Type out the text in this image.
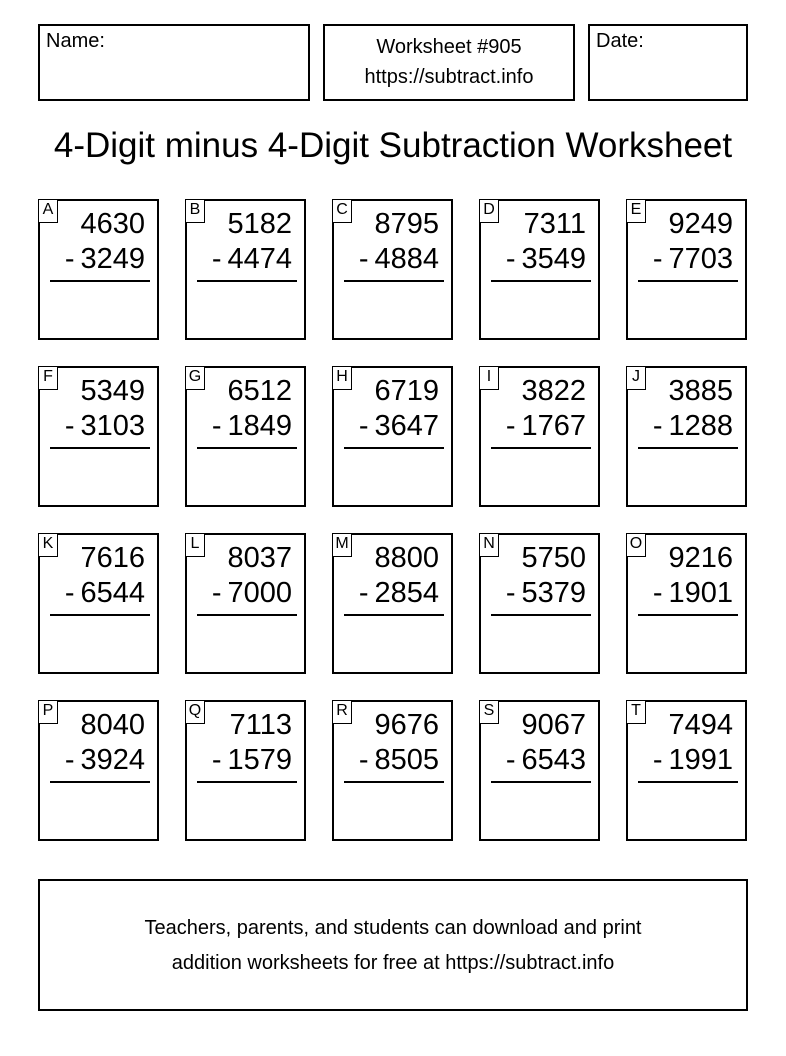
Name:	Worksheet #905
https://subtract.info
Date:
4-Digit minus 4-Digit Subtraction Worksheet
A 4630
- 3249
B 5182
- 4474
C 8795
- 4884
D 7311
- 3549
E 9249
- 7703
F 5349
- 3103
G 6512
- 1849
H 6719
- 3647
I 3822
- 1767
J 3885
- 1288
K 7616
- 6544
L 8037
- 7000
M 8800
- 2854
N 5750
- 5379
O 9216
- 1901
P 8040
- 3924
Q 7113
- 1579
R 9676
- 8505
S 9067
- 6543
T 7494
- 1991
Teachers, parents, and students can download and print
addition worksheets for free at https://subtract.info
